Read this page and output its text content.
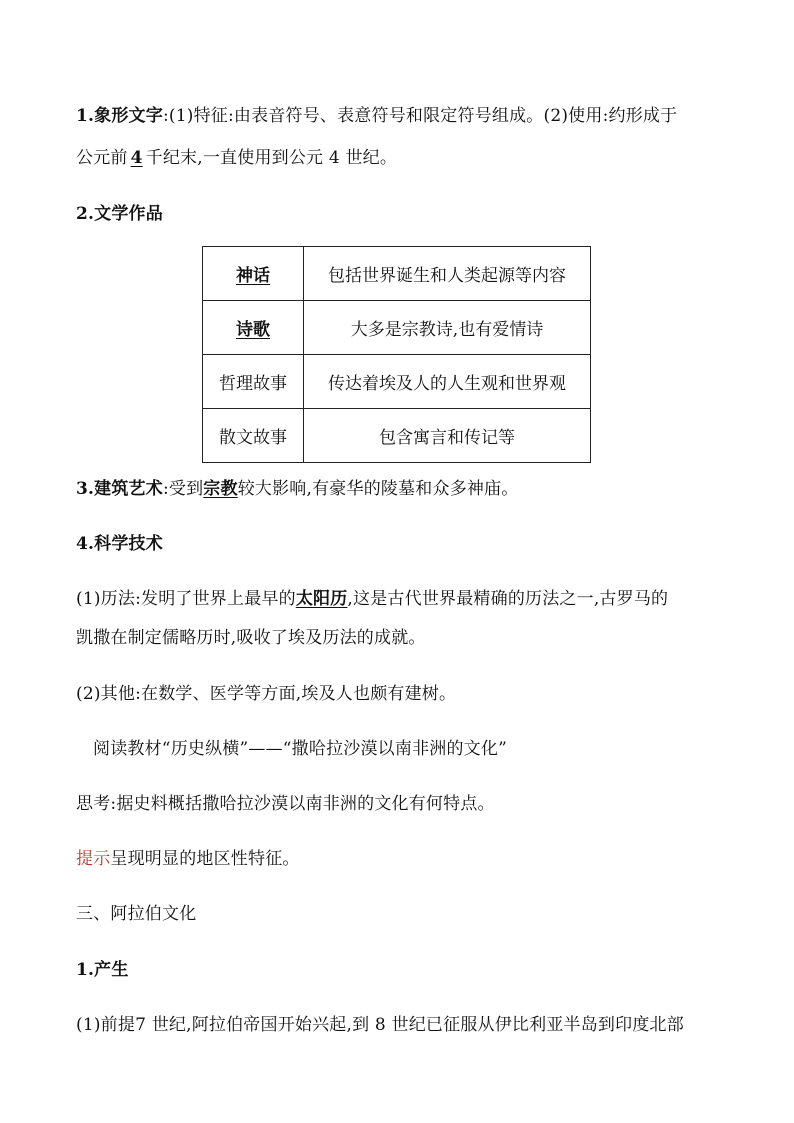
1.象形文字:(1)特征:由表音符号、表意符号和限定符号组成。(2)使用:约形成于
公元前 4 千纪末,一直使用到公元 4 世纪。
2.文学作品
神话	包括世界诞生和人类起源等内容
诗歌	大多是宗教诗,也有爱情诗
哲理故事	传达着埃及人的人生观和世界观
散文故事	包含寓言和传记等
3.建筑艺术:受到宗教较大影响,有豪华的陵墓和众多神庙。
4.科学技术
(1)历法:发明了世界上最早的太阳历,这是古代世界最精确的历法之一,古罗马的
凯撒在制定儒略历时,吸收了埃及历法的成就。
(2)其他:在数学、医学等方面,埃及人也颇有建树。
阅读教材“历史纵横”——“撒哈拉沙漠以南非洲的文化”
思考:据史料概括撒哈拉沙漠以南非洲的文化有何特点。
提示呈现明显的地区性特征。
三、阿拉伯文化
1.产生
(1)前提7 世纪,阿拉伯帝国开始兴起,到 8 世纪已征服从伊比利亚半岛到印度北部
